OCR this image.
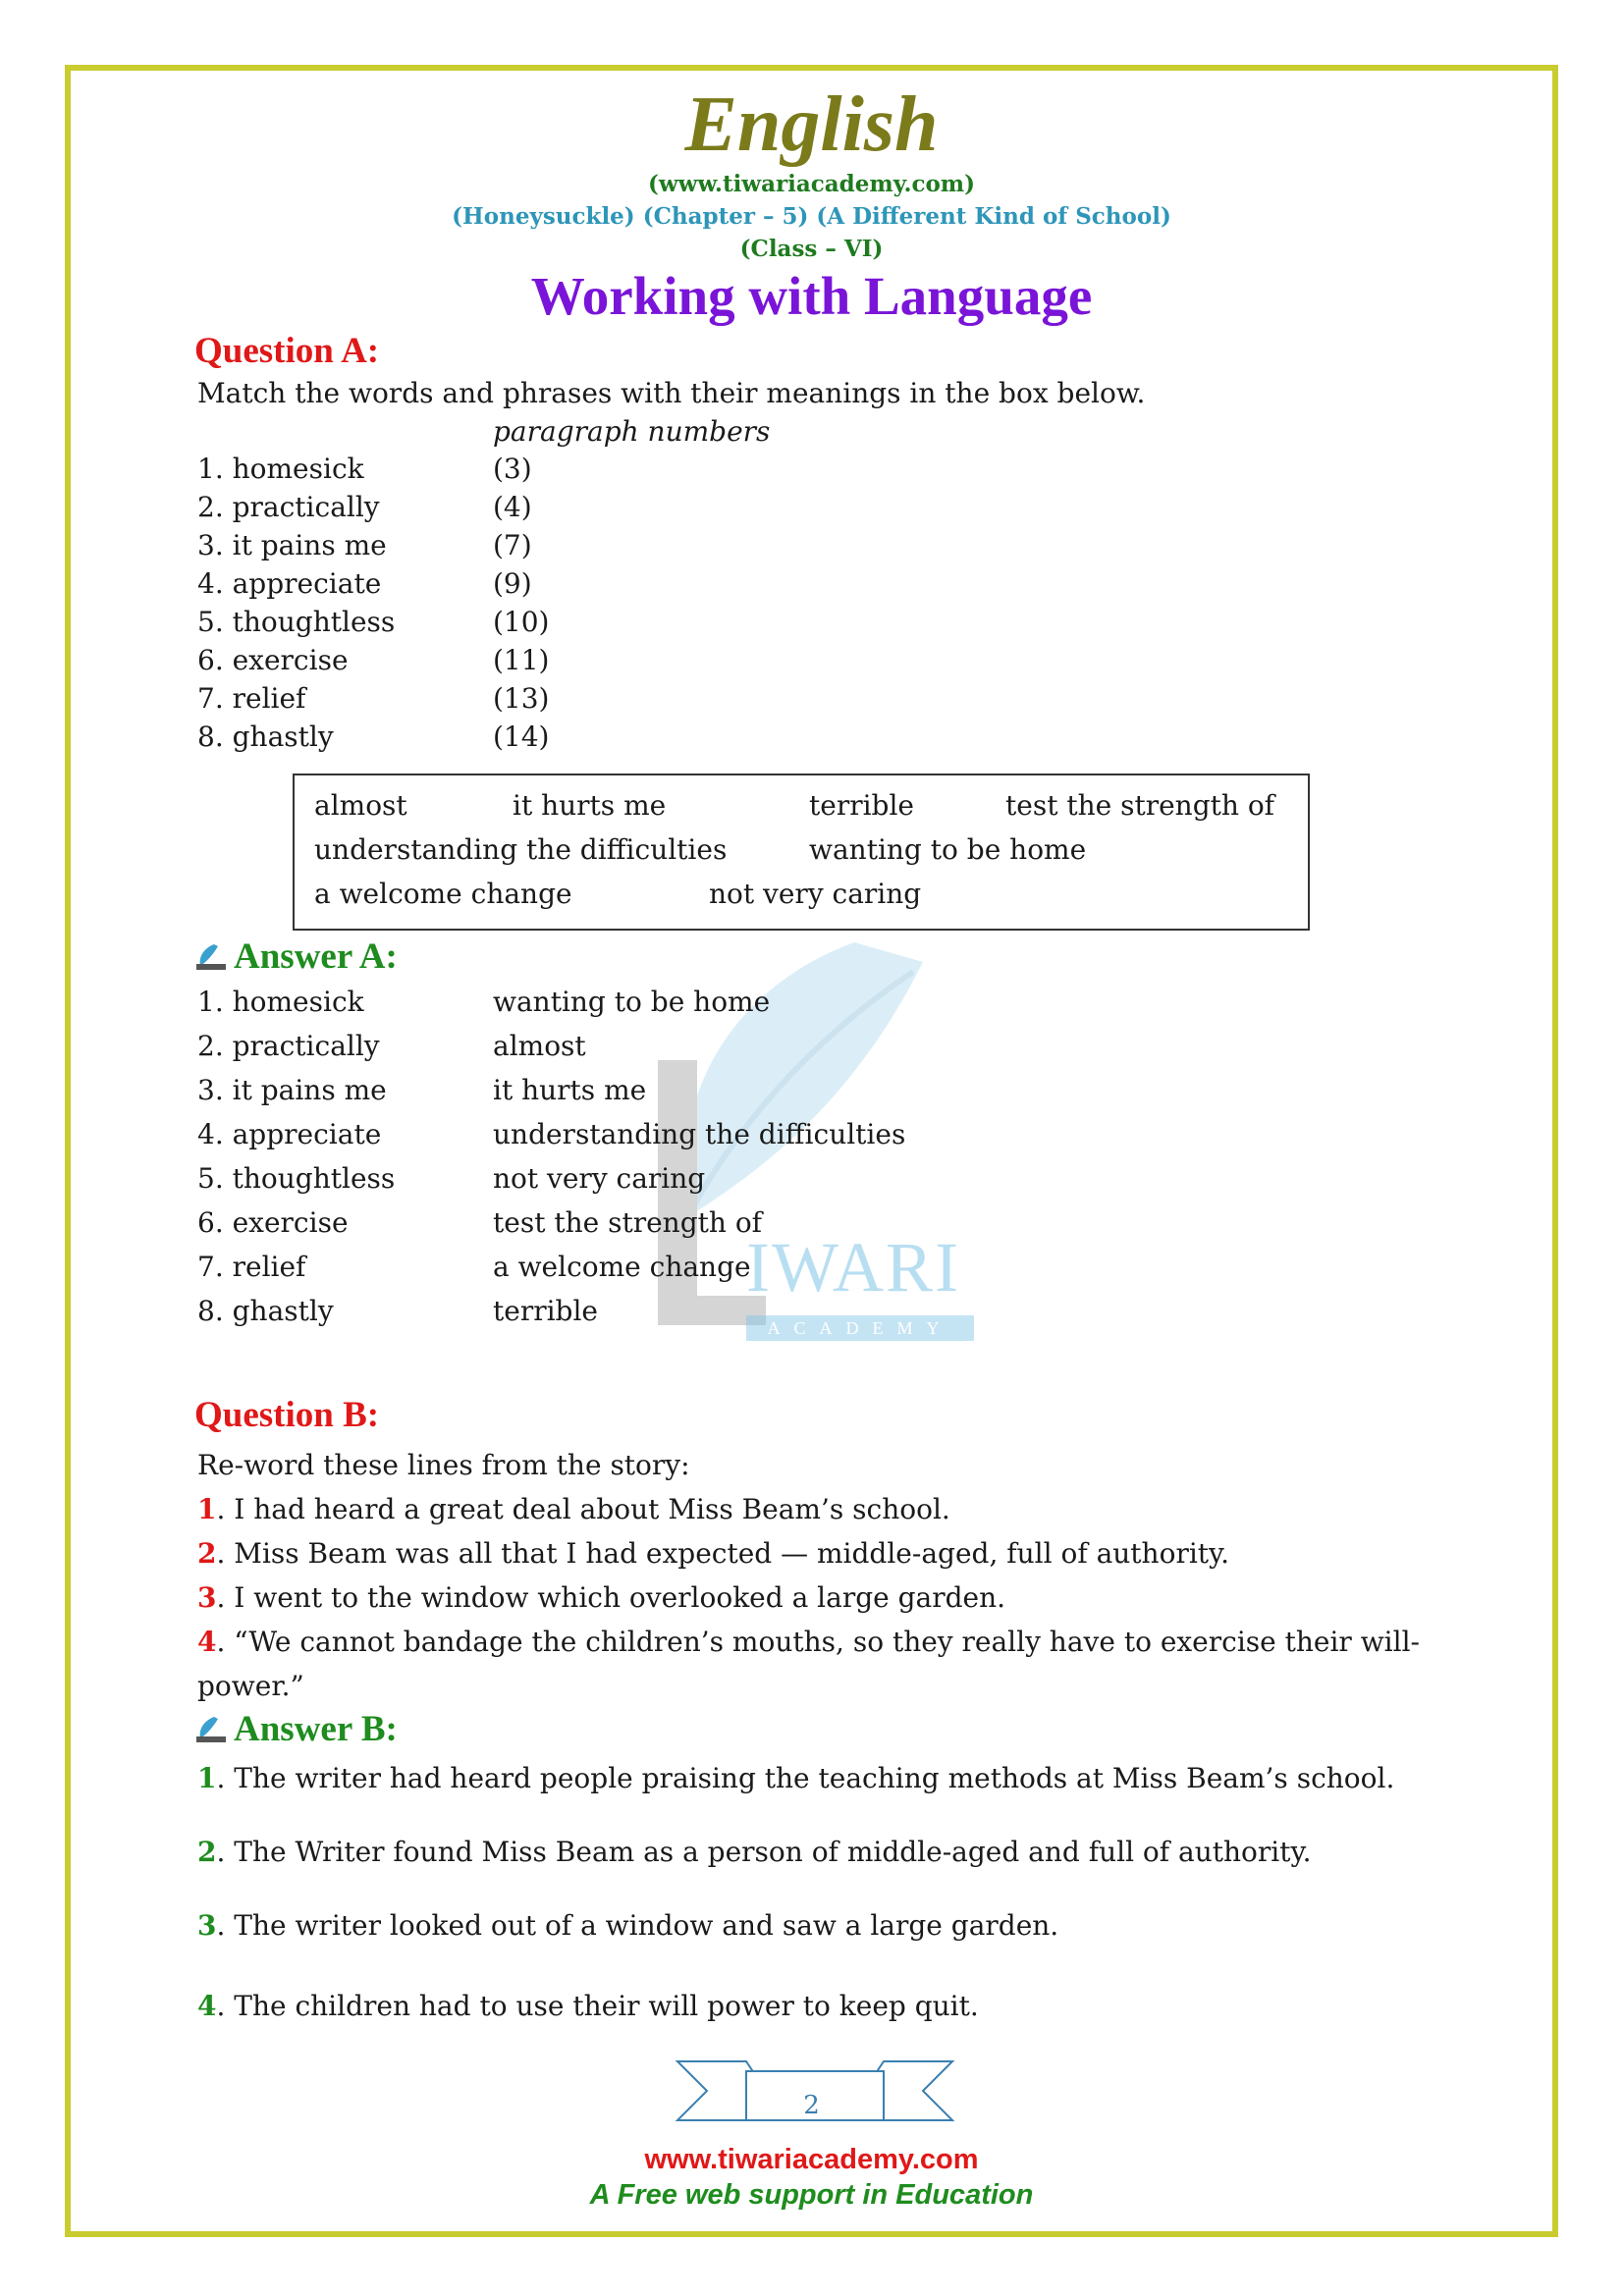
IWARI
ACADEMY
English
(www.tiwariacademy.com)
(Honeysuckle) (Chapter – 5) (A Different Kind of School)
(Class – VI)
Working with Language
Question A:
Match the words and phrases with their meanings in the box below.
paragraph numbers
1. homesick	(3)
2. practically	(4)
3. it pains me	(7)
4. appreciate	(9)
5. thoughtless	(10)
6. exercise	(11)
7. relief	(13)
8. ghastly	(14)
almost	it hurts me	terrible	test the strength of
understanding the difficulties	wanting to be home
a welcome change	not very caring
Answer A:
1. homesick	wanting to be home
2. practically	almost
3. it pains me	it hurts me
4. appreciate	understanding the difficulties
5. thoughtless	not very caring
6. exercise	test the strength of
7. relief	a welcome change
8. ghastly	terrible
Question B:
Re-word these lines from the story:
1. I had heard a great deal about Miss Beam’s school.
2. Miss Beam was all that I had expected — middle-aged, full of authority.
3. I went to the window which overlooked a large garden.
4. “We cannot bandage the children’s mouths, so they really have to exercise their will-
power.”
Answer B:
1. The writer had heard people praising the teaching methods at Miss Beam’s school.
2. The Writer found Miss Beam as a person of middle-aged and full of authority.
3. The writer looked out of a window and saw a large garden.
4. The children had to use their will power to keep quit.
2
www.tiwariacademy.com
A Free web support in Education
